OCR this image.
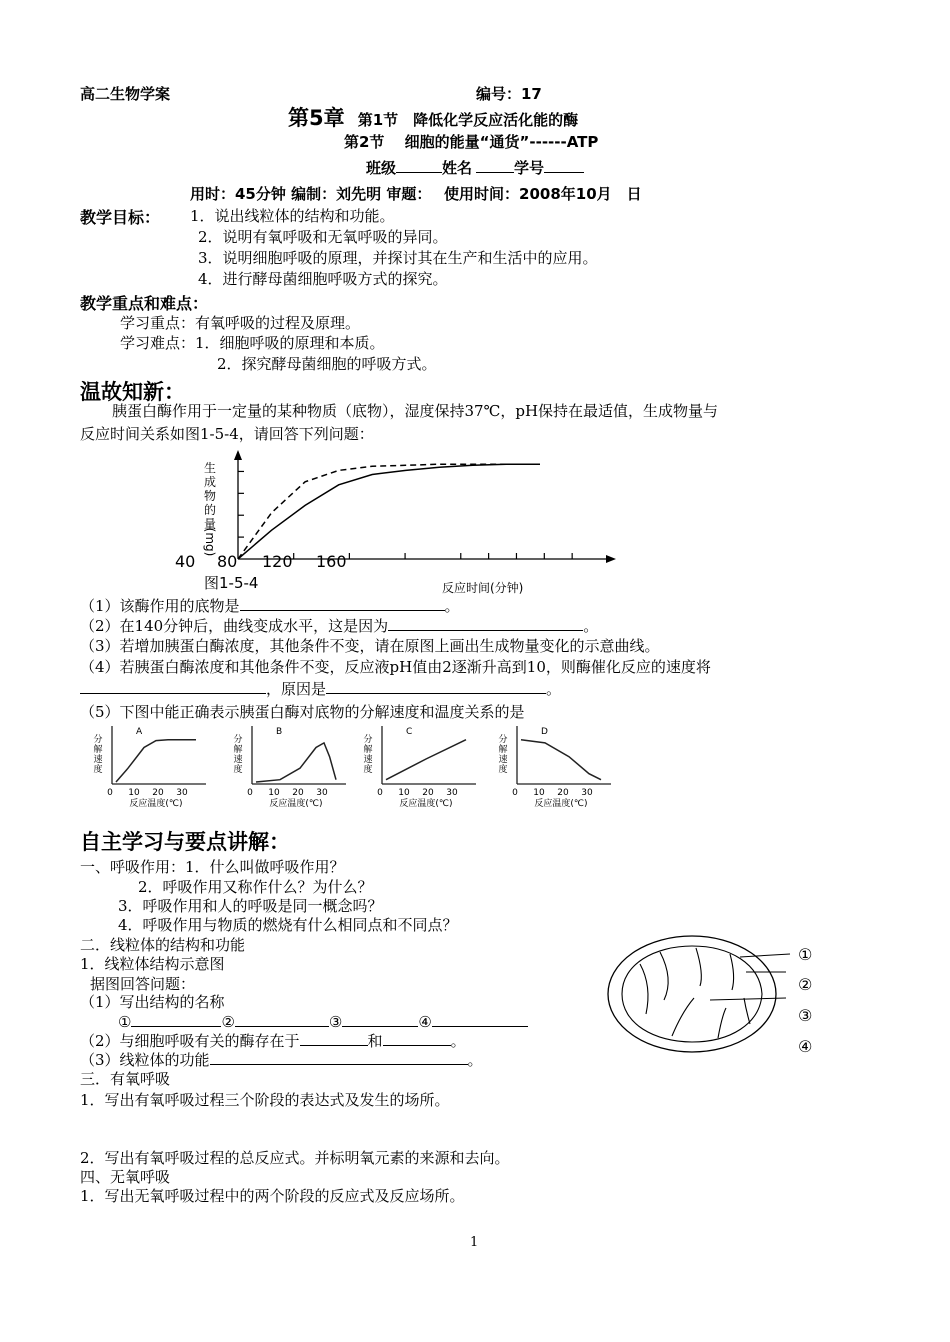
高二生物学案	编号：17
第5章 第1节　降低化学反应活化能的酶
第2节　 细胞的能量“通货”------ATP
班级	姓名	学号
用时：45分钟 编制：刘先明 审题：　 使用时间：2008年10月　日
教学目标： 1．说出线粒体的结构和功能。
2．说明有氧呼吸和无氧呼吸的异同。
3．说明细胞呼吸的原理，并探讨其在生产和生活中的应用。
4．进行酵母菌细胞呼吸方式的探究。
教学重点和难点：
学习重点：有氧呼吸的过程及原理。
学习难点：1．细胞呼吸的原理和本质。
2．探究酵母菌细胞的呼吸方式。
温故知新：
胰蛋白酶作用于一定量的某种物质（底物），湿度保持37℃，pH保持在最适值，生成物量与
反应时间关系如图1-5-4，请回答下列问题：
生
成
物
的
量
(mg)
40 80 120 160
图1-5-4	反应时间(分钟)
（1）该酶作用的底物是	。
（2）在140分钟后，曲线变成水平，这是因为	。
（3）若增加胰蛋白酶浓度，其他条件不变，请在原图上画出生成物量变化的示意曲线。
（4）若胰蛋白酶浓度和其他条件不变，反应液pH值由2逐渐升高到10，则酶催化反应的速度将
，原因是	。
（5）下图中能正确表示胰蛋白酶对底物的分解速度和温度关系的是
A
分
解
速
度
0 10 20 30
反应温度(℃)
B
分
解
速
度
0 10 20 30
反应温度(℃)
C
分
解
速
度
0 10 20 30
反应温度(℃)
D
分
解
速
度
0 10 20 30
反应温度(℃)
自主学习与要点讲解：
一、呼吸作用：1．什么叫做呼吸作用？
2．呼吸作用又称作什么？为什么？
3．呼吸作用和人的呼吸是同一概念吗？
4．呼吸作用与物质的燃烧有什么相同点和不同点？
二．线粒体的结构和功能
1．线粒体结构示意图
据图回答问题：
（1）写出结构的名称
①	②	③	④
（2）与细胞呼吸有关的酶存在于	和	。
（3）线粒体的功能	。
三．有氧呼吸
1．写出有氧呼吸过程三个阶段的表达式及发生的场所。
2．写出有氧呼吸过程的总反应式。并标明氧元素的来源和去向。
四、无氧呼吸
1．写出无氧呼吸过程中的两个阶段的反应式及反应场所。
①
②
③
④
1
